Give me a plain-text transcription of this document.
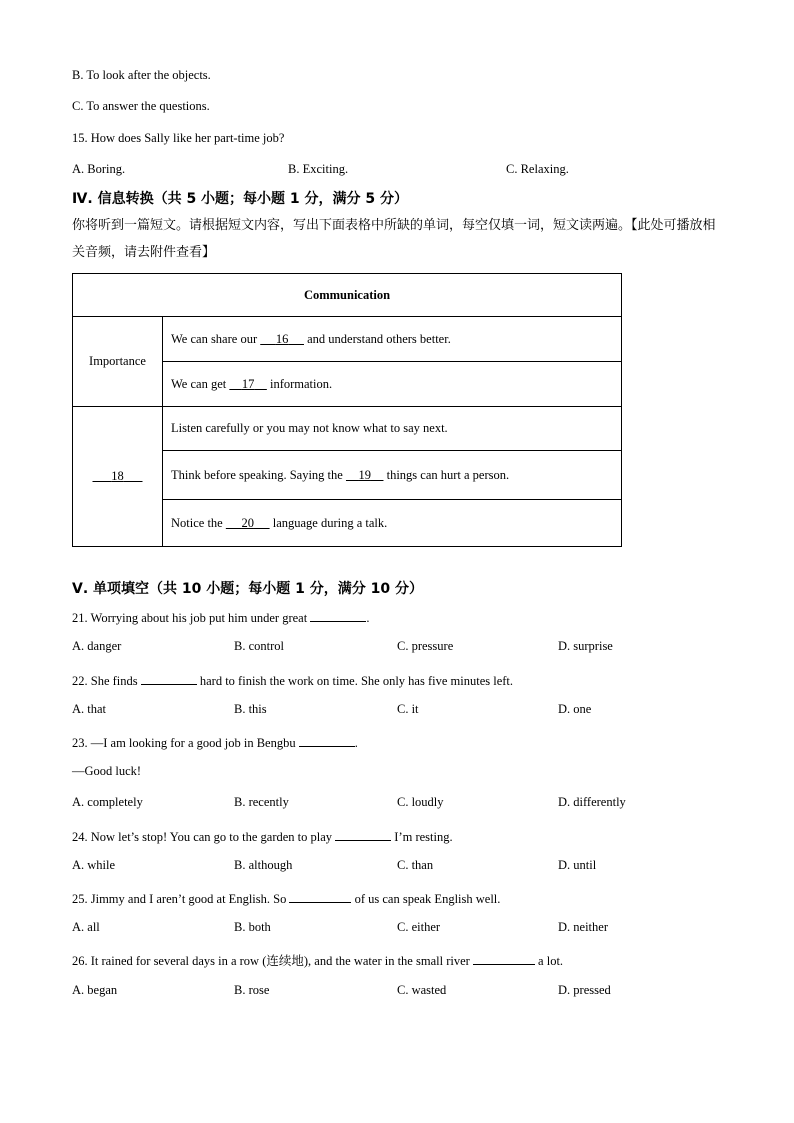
B. To look after the objects.
C. To answer the questions.
15. How does Sally like her part-time job?
A. Boring.	B. Exciting.	C. Relaxing.
Ⅳ. 信息转换（共 5 小题；每小题 1 分，满分 5 分）
你将听到一篇短文。请根据短文内容，写出下面表格中所缺的单词，每空仅填一词，短文读两遍。【此处可播放相关音频，请去附件查看】
Communication	
Importance	We can share our      16      and understand others better.
	We can get     17     information.
18	Listen carefully or you may not know what to say next.
	Think before speaking. Saying the     19     things can hurt a person.
	Notice the      20      language during a talk.
Ⅴ. 单项填空（共 10 小题；每小题 1 分，满分 10 分）
21. Worrying about his job put him under great	.
A. danger	B. control	C. pressure	D. surprise
22. She finds	hard to finish the work on time. She only has five minutes left.
A. that	B. this	C. it	D. one
23. —I am looking for a good job in Bengbu	.
—Good luck!
A. completely	B. recently	C. loudly	D. differently
24. Now let’s stop! You can go to the garden to play	I’m resting.
A. while	B. although	C. than	D. until
25. Jimmy and I aren’t good at English. So	of us can speak English well.
A. all	B. both	C. either	D. neither
26. It rained for several days in a row (连续地), and the water in the small river	a lot.
A. began	B. rose	C. wasted	D. pressed
